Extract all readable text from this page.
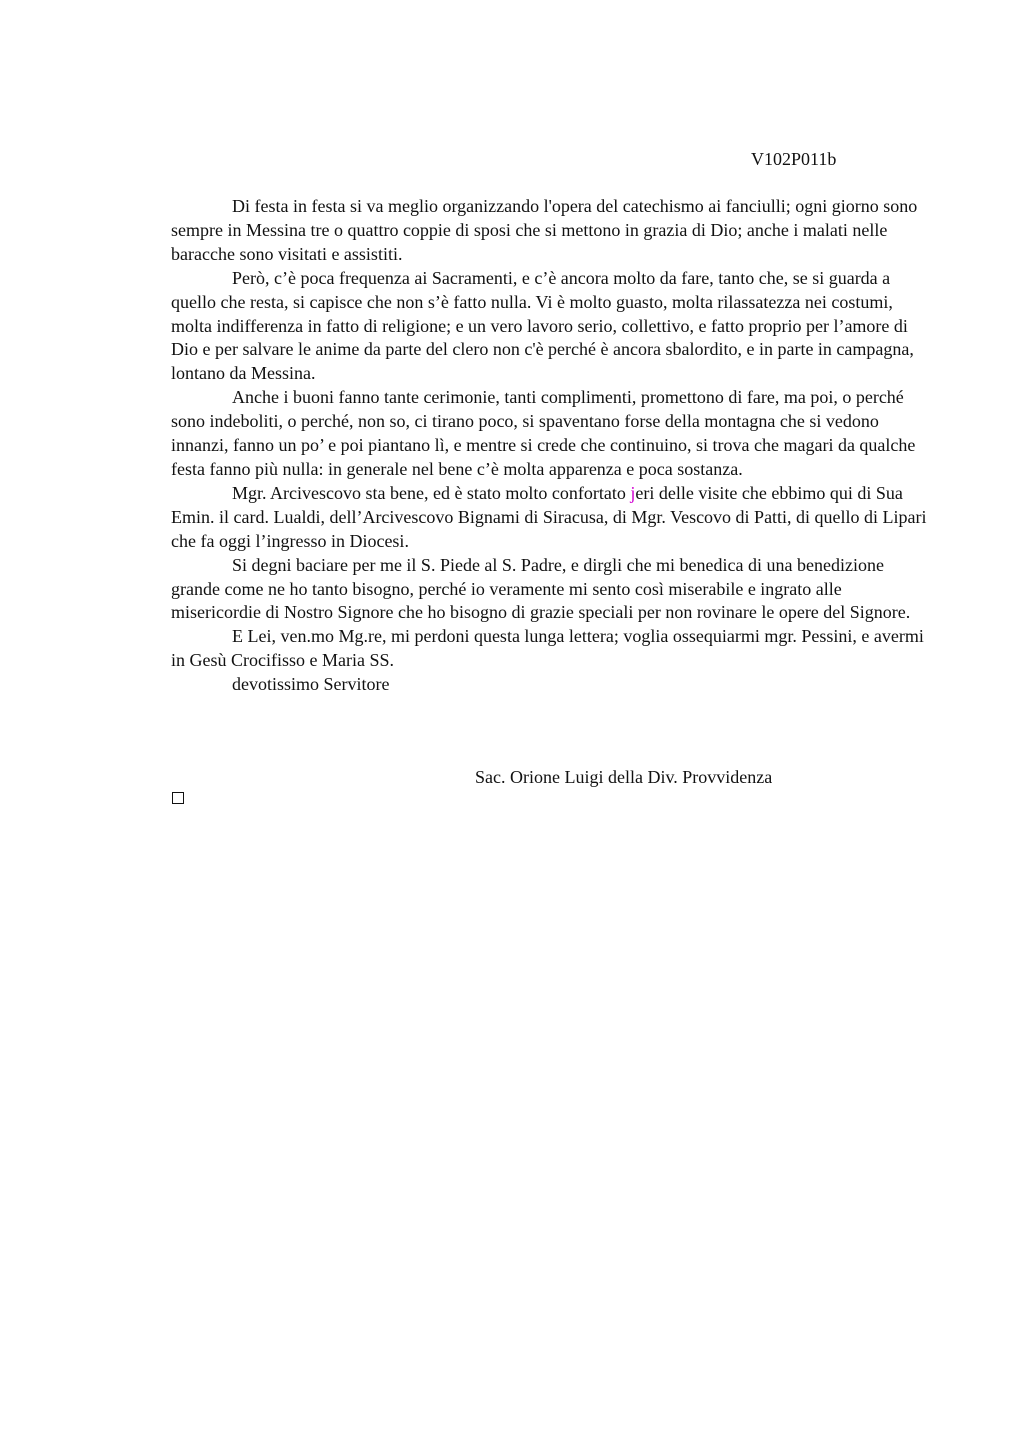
V102P011b

Di festa in festa si va meglio organizzando l'opera del catechismo ai fanciulli; ogni giorno sono sempre in Messina tre o quattro coppie di sposi che si mettono in grazia di Dio; anche i malati nelle baracche sono visitati e assistiti.

Però, c’è poca frequenza ai Sacramenti, e c’è ancora molto da fare, tanto che, se si guarda a quello che resta, si capisce che non s’è fatto nulla. Vi è molto guasto, molta rilassatezza nei costumi, molta indifferenza in fatto di religione; e un vero lavoro serio, collettivo, e fatto proprio per l’amore di Dio e per salvare le anime da parte del clero non c'è perché è ancora sbalordito, e in parte in campagna, lontano da Messina.

Anche i buoni fanno tante cerimonie, tanti complimenti, promettono di fare, ma poi, o perché sono indeboliti, o perché, non so, ci tirano poco, si spaventano forse della montagna che si vedono innanzi, fanno un po’ e poi piantano lì, e mentre si crede che continuino, si trova che magari da qualche festa fanno più nulla: in generale nel bene c’è molta apparenza e poca sostanza.

Mgr. Arcivescovo sta bene, ed è stato molto confortato jeri delle visite che ebbimo qui di Sua Emin. il card. Lualdi, dell’Arcivescovo Bignami di Siracusa, di Mgr. Vescovo di Patti, di quello di Lipari che fa oggi l’ingresso in Diocesi.

Si degni baciare per me il S. Piede al S. Padre, e dirgli che mi benedica di una benedizione grande come ne ho tanto bisogno, perché io veramente mi sento così miserabile e ingrato alle misericordie di Nostro Signore che ho bisogno di grazie speciali per non rovinare le opere del Signore.

E Lei, ven.mo Mg.re, mi perdoni questa lunga lettera; voglia ossequiarmi mgr. Pessini, e avermi in Gesù Crocifisso e Maria SS.

devotissimo Servitore

Sac. Orione Luigi della Div. Provvidenza
